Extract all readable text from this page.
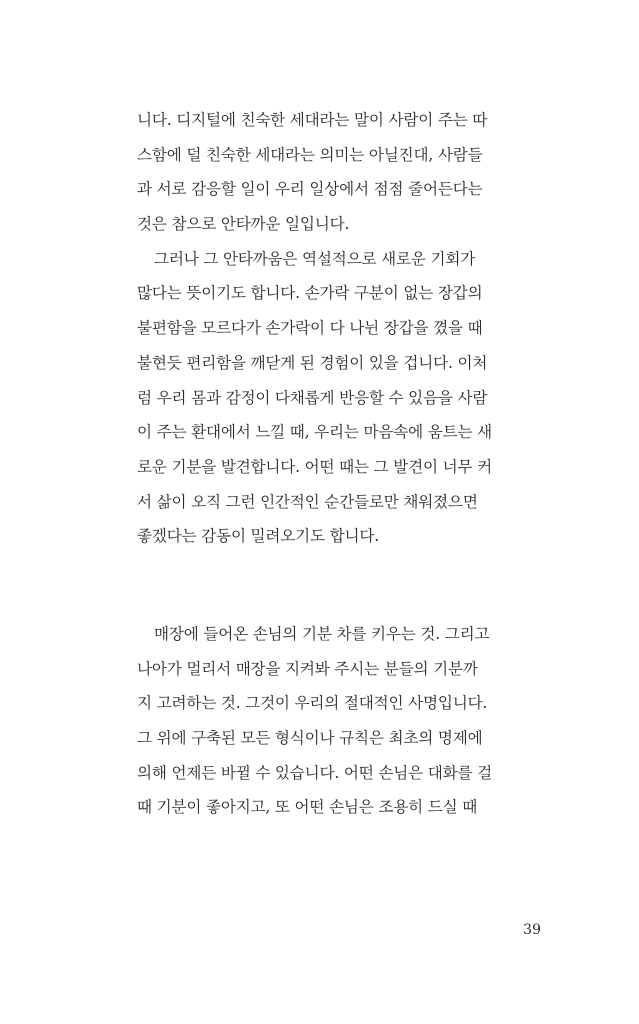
니다. 디지털에 친숙한 세대라는 말이 사람이 주는 따
스함에 덜 친숙한 세대라는 의미는 아닐진대, 사람들
과 서로 감응할 일이 우리 일상에서 점점 줄어든다는
것은 참으로 안타까운 일입니다.
그러나 그 안타까움은 역설적으로 새로운 기회가
많다는 뜻이기도 합니다. 손가락 구분이 없는 장갑의
불편함을 모르다가 손가락이 다 나뉜 장갑을 꼈을 때
불현듯 편리함을 깨닫게 된 경험이 있을 겁니다. 이처
럼 우리 몸과 감정이 다채롭게 반응할 수 있음을 사람
이 주는 환대에서 느낄 때, 우리는 마음속에 움트는 새
로운 기분을 발견합니다. 어떤 때는 그 발견이 너무 커
서 삶이 오직 그런 인간적인 순간들로만 채워졌으면
좋겠다는 감동이 밀려오기도 합니다.
매장에 들어온 손님의 기분 차를 키우는 것. 그리고
나아가 멀리서 매장을 지켜봐 주시는 분들의 기분까
지 고려하는 것. 그것이 우리의 절대적인 사명입니다.
그 위에 구축된 모든 형식이나 규칙은 최초의 명제에
의해 언제든 바뀔 수 있습니다. 어떤 손님은 대화를 걸
때 기분이 좋아지고, 또 어떤 손님은 조용히 드실 때
39
